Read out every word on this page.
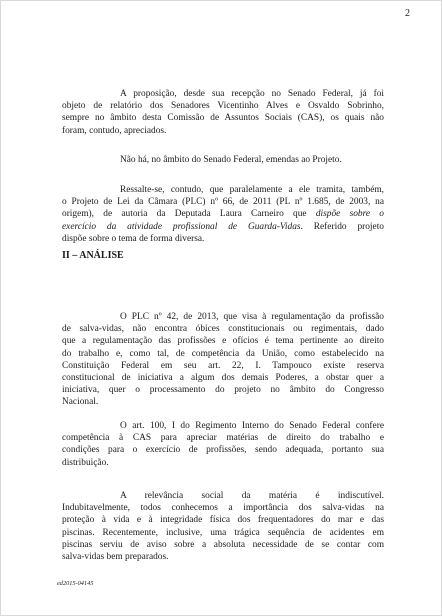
2

A proposição, desde sua recepção no Senado Federal, já foi
objeto de relatório dos Senadores Vicentinho Alves e Osvaldo Sobrinho,
sempre no âmbito desta Comissão de Assuntos Sociais (CAS), os quais não
foram, contudo, apreciados.

Não há, no âmbito do Senado Federal, emendas ao Projeto.

Ressalte-se, contudo, que paralelamente a ele tramita, também,
o Projeto de Lei da Câmara (PLC) nº 66, de 2011 (PL nº 1.685, de 2003, na
origem), de autoria da Deputada Laura Carneiro que dispõe sobre o
exercício da atividade profissional de Guarda-Vidas. Referido projeto
dispõe sobre o tema de forma diversa.

II – ANÁLISE

O PLC nº 42, de 2013, que visa à regulamentação da profissão
de salva-vidas, não encontra óbices constitucionais ou regimentais, dado
que a regulamentação das profissões e ofícios é tema pertinente ao direito
do trabalho e, como tal, de competência da União, como estabelecido na
Constituição Federal em seu art. 22, I. Tampouco existe reserva
constitucional de iniciativa a algum dos demais Poderes, a obstar quer a
iniciativa, quer o processamento do projeto no âmbito do Congresso
Nacional.

O art. 100, I do Regimento Interno do Senado Federal confere
competência à CAS para apreciar matérias de direito do trabalho e
condições para o exercício de profissões, sendo adequada, portanto sua
distribuição.

A relevância social da matéria é indiscutível.
Indubitavelmente, todos conhecemos a importância dos salva-vidas na
proteção à vida e à integridade física dos frequentadores do mar e das
piscinas. Recentemente, inclusive, uma trágica sequência de acidentes em
piscinas serviu de aviso sobre a absoluta necessidade de se contar com
salva-vidas bem preparados.

ed2015-04145
